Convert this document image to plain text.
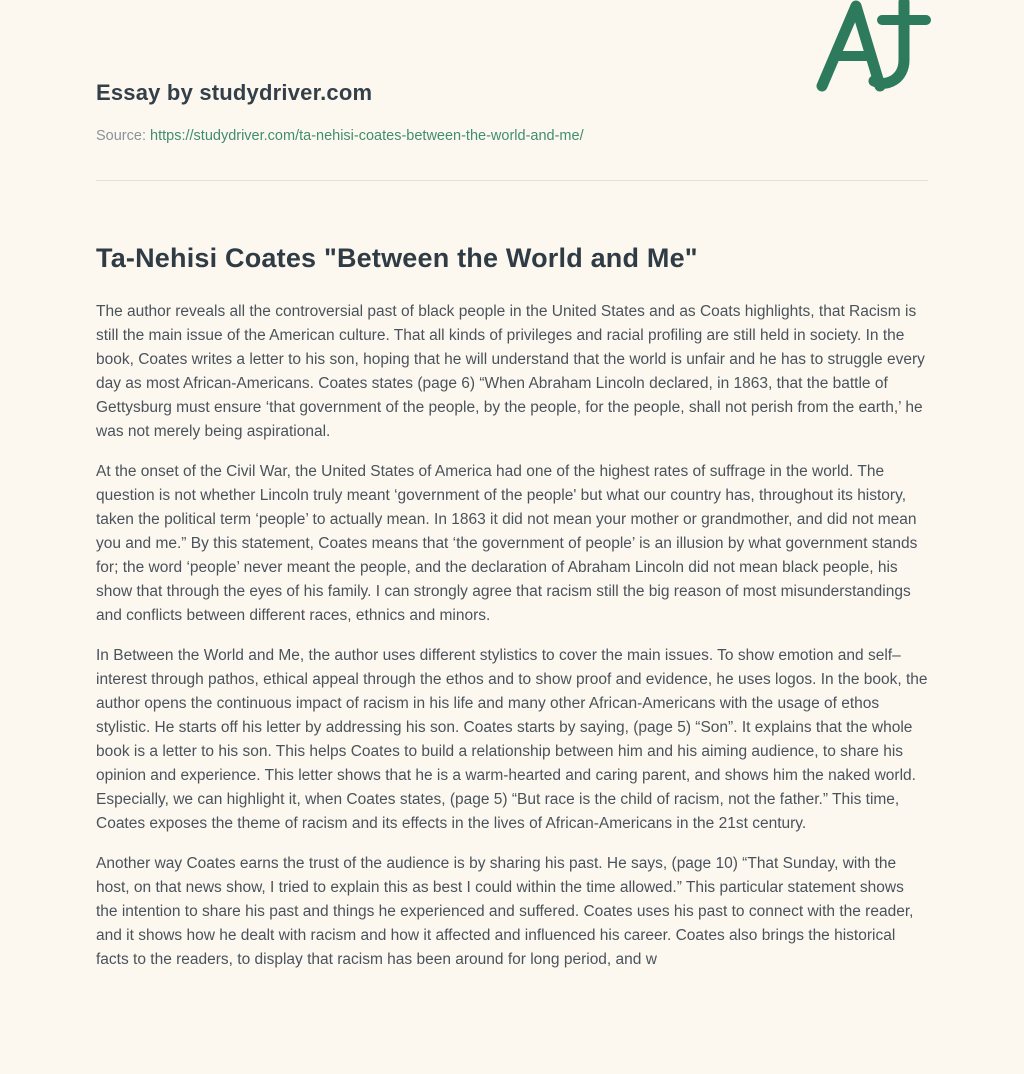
Essay by studydriver.com
Source: https://studydriver.com/ta-nehisi-coates-between-the-world-and-me/
Ta-Nehisi Coates "Between the World and Me"

The author reveals all the controversial past of black people in the United States and as Coats highlights, that Racism is still the main issue of the American culture. That all kinds of privileges and racial profiling are still held in society. In the book, Coates writes a letter to his son, hoping that he will understand that the world is unfair and he has to struggle every day as most African-Americans. Coates states (page 6) “When Abraham Lincoln declared, in 1863, that the battle of Gettysburg must ensure ‘that government of the people, by the people, for the people, shall not perish from the earth,’ he was not merely being aspirational.

At the onset of the Civil War, the United States of America had one of the highest rates of suffrage in the world. The question is not whether Lincoln truly meant ‘government of the people' but what our country has, throughout its history, taken the political term ‘people’ to actually mean. In 1863 it did not mean your mother or grandmother, and did not mean you and me.” By this statement, Coates means that ‘the government of people’ is an illusion by what government stands for; the word ‘people’ never meant the people, and the declaration of Abraham Lincoln did not mean black people, his show that through the eyes of his family. I can strongly agree that racism still the big reason of most misunderstandings and conflicts between different races, ethnics and minors.

In Between the World and Me, the author uses different stylistics to cover the main issues. To show emotion and self–interest through pathos, ethical appeal through the ethos and to show proof and evidence, he uses logos. In the book, the author opens the continuous impact of racism in his life and many other African-Americans with the usage of ethos stylistic. He starts off his letter by addressing his son. Coates starts by saying, (page 5) “Son”. It explains that the whole book is a letter to his son. This helps Coates to build a relationship between him and his aiming audience, to share his opinion and experience. This letter shows that he is a warm-hearted and caring parent, and shows him the naked world. Especially, we can highlight it, when Coates states, (page 5) “But race is the child of racism, not the father.” This time, Coates exposes the theme of racism and its effects in the lives of African-Americans in the 21st century.

Another way Coates earns the trust of the audience is by sharing his past. He says, (page 10) “That Sunday, with the host, on that news show, I tried to explain this as best I could within the time allowed.” This particular statement shows the intention to share his past and things he experienced and suffered. Coates uses his past to connect with the reader, and it shows how he dealt with racism and how it affected and influenced his career. Coates also brings the historical facts to the readers, to display that racism has been around for long period, and w
